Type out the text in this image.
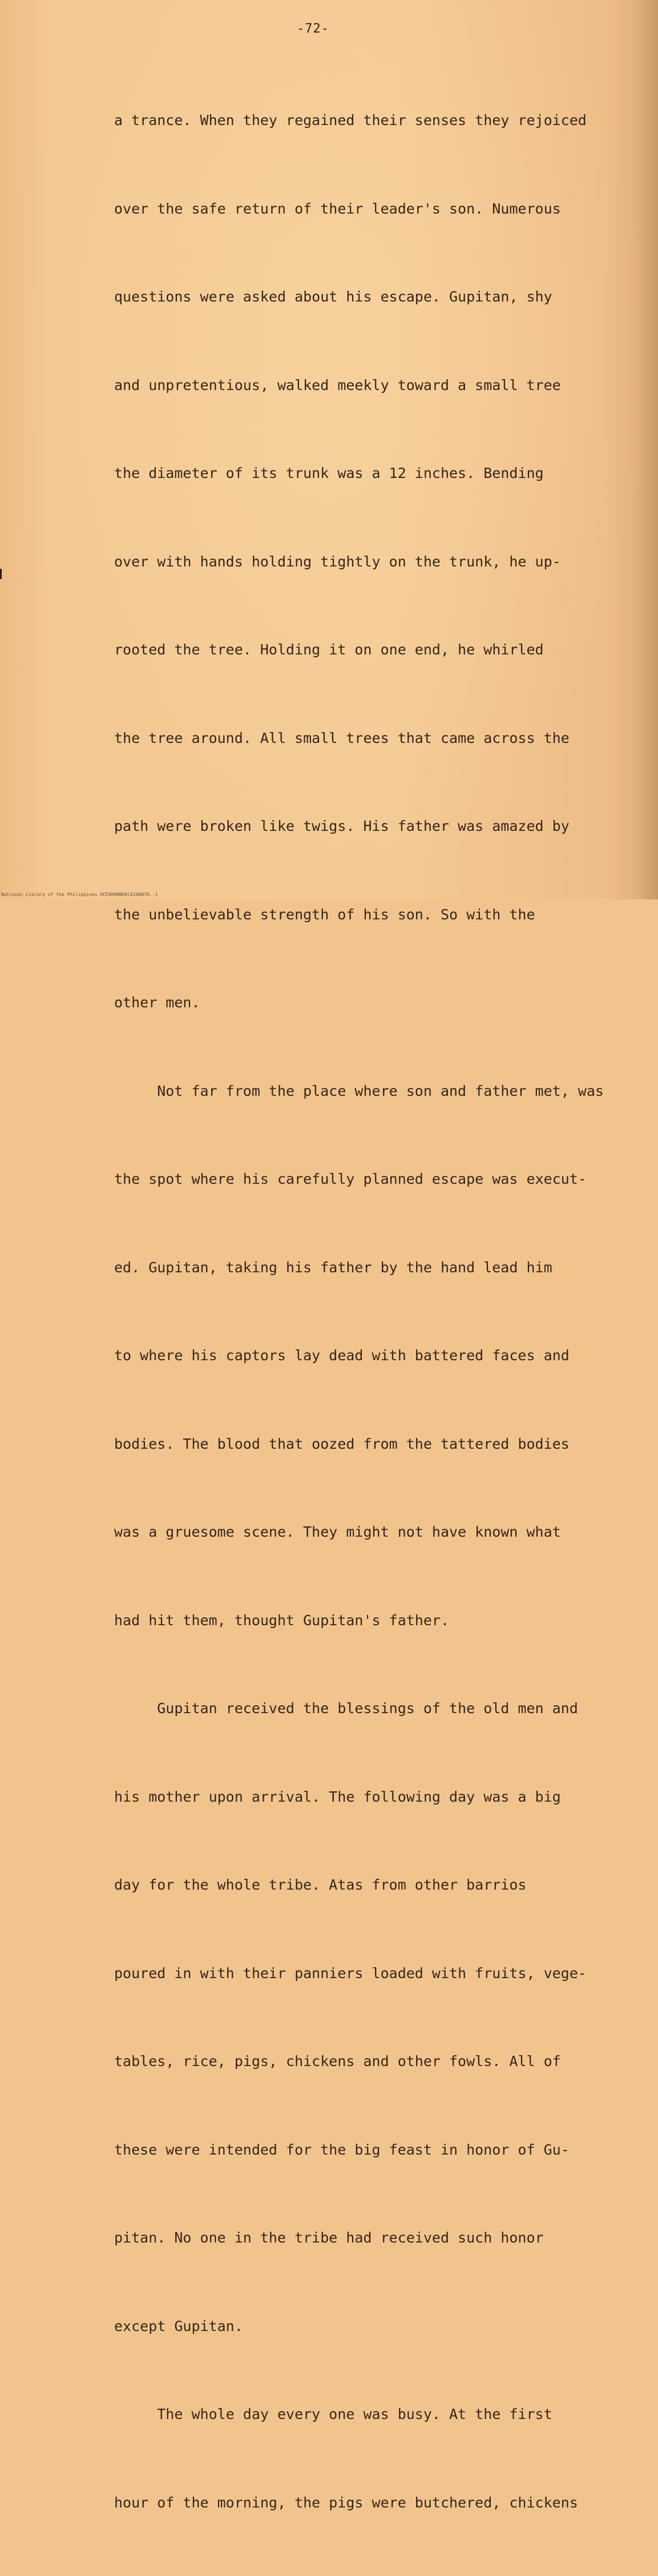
-72-

a trance. When they regained their senses they rejoiced

over the safe return of their leader's son. Numerous

questions were asked about his escape. Gupitan, shy

and unpretentious, walked meekly toward a small tree

the diameter of its trunk was a 12 inches. Bending

over with hands holding tightly on the trunk, he up-

rooted the tree. Holding it on one end, he whirled

the tree around. All small trees that came across the

path were broken like twigs. His father was amazed by

the unbelievable strength of his son. So with the

other men.

Not far from the place where son and father met, was

the spot where his carefully planned escape was execut-

ed. Gupitan, taking his father by the hand lead him

to where his captors lay dead with battered faces and

bodies. The blood that oozed from the tattered bodies

was a gruesome scene. They might not have known what

had hit them, thought Gupitan's father.

Gupitan received the blessings of the old men and

his mother upon arrival. The following day was a big

day for the whole tribe. Atas from other barrios

poured in with their panniers loaded with fruits, vege-

tables, rice, pigs, chickens and other fowls. All of

these were intended for the big feast in honor of Gu-

pitan. No one in the tribe had received such honor

except Gupitan.

The whole day every one was busy. At the first

hour of the morning, the pigs were butchered, chickens

National Library of the Philippines HCE00HNNHECAI00076..1
